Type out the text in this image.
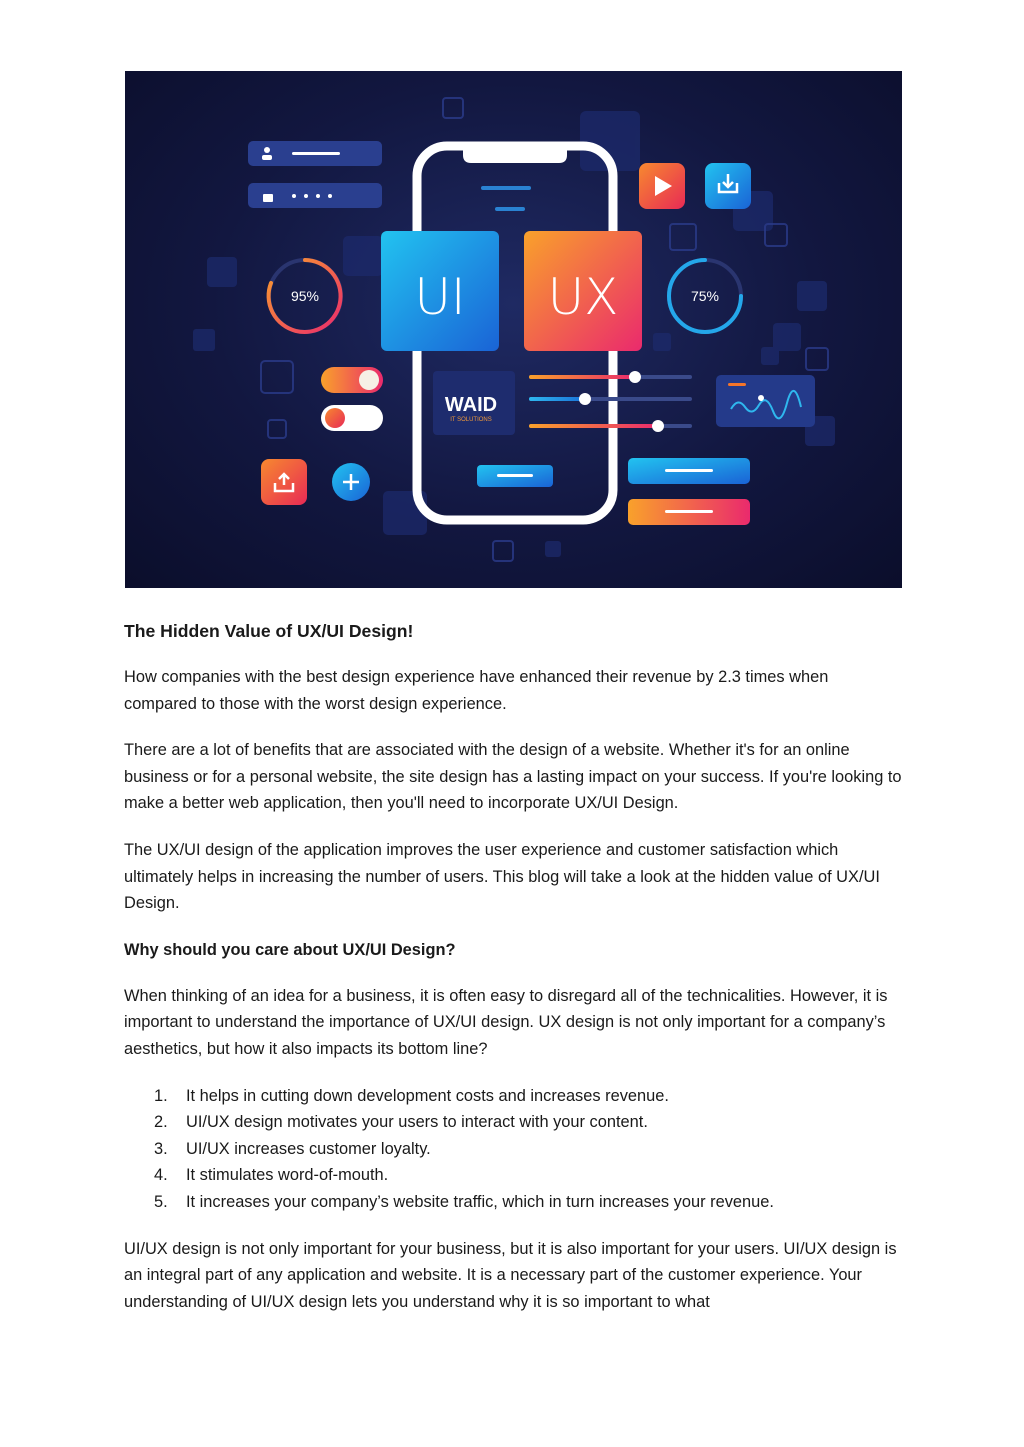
95%	75%
UI UX
WAID
IT SOLUTIONS
The Hidden Value of UX/UI Design!

How companies with the best design experience have enhanced their revenue by 2.3 times when compared to those with the worst design experience.

There are a lot of benefits that are associated with the design of a website. Whether it's for an online business or for a personal website, the site design has a lasting impact on your success. If you're looking to make a better web application, then you'll need to incorporate UX/UI Design.

The UX/UI design of the application improves the user experience and customer satisfaction which ultimately helps in increasing the number of users. This blog will take a look at the hidden value of UX/UI Design.

Why should you care about UX/UI Design?

When thinking of an idea for a business, it is often easy to disregard all of the technicalities. However, it is important to understand the importance of UX/UI design. UX design is not only important for a company’s aesthetics, but how it also impacts its bottom line?

1. It helps in cutting down development costs and increases revenue.
2. UI/UX design motivates your users to interact with your content.
3. UI/UX increases customer loyalty.
4. It stimulates word-of-mouth.
5. It increases your company’s website traffic, which in turn increases your revenue.

UI/UX design is not only important for your business, but it is also important for your users. UI/UX design is an integral part of any application and website. It is a necessary part of the customer experience. Your understanding of UI/UX design lets you understand why it is so important to what
